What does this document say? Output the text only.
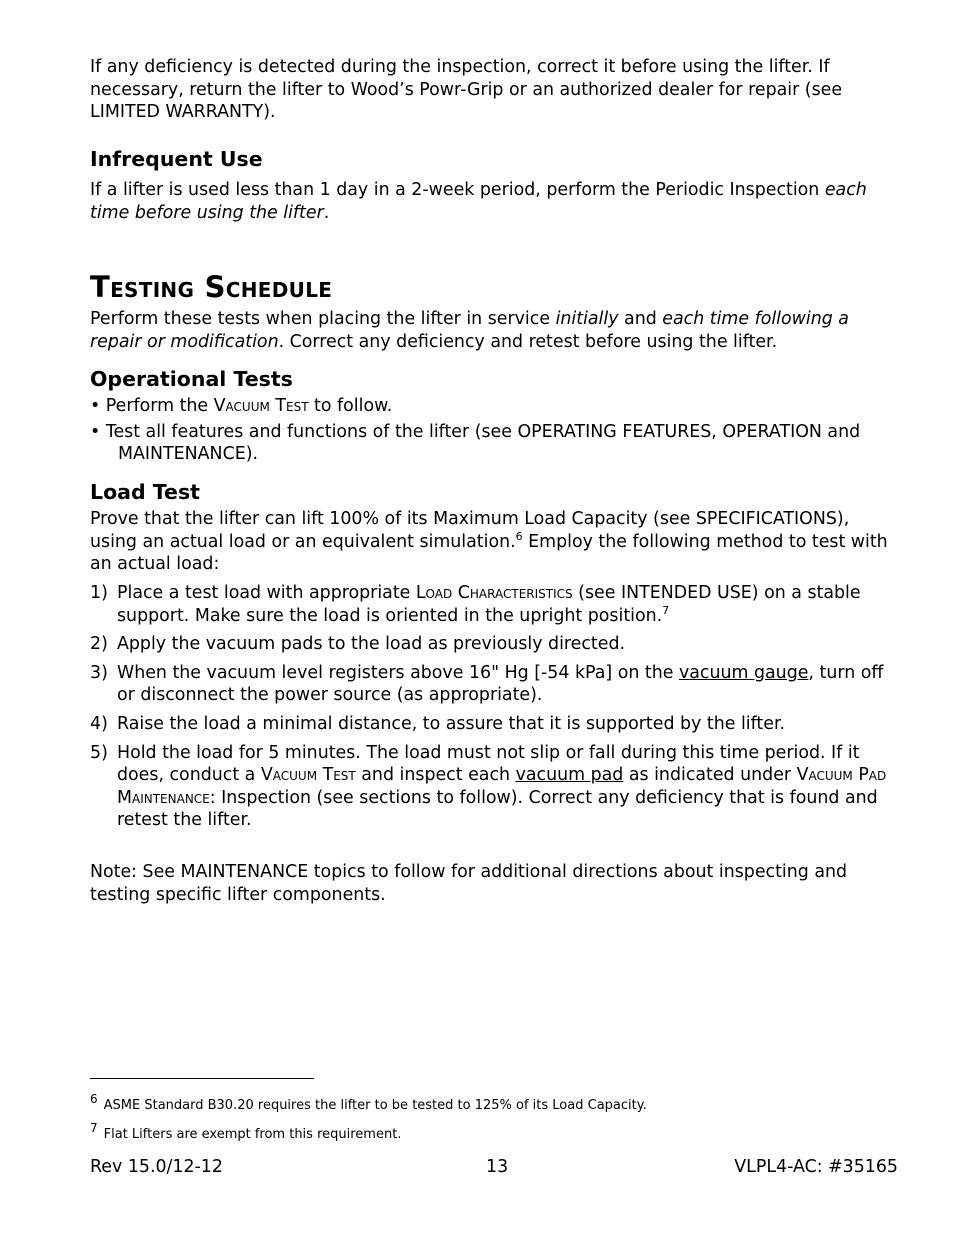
If any deficiency is detected during the inspection, correct it before using the lifter. If necessary, return the lifter to Wood’s Powr-Grip or an authorized dealer for repair (see LIMITED WARRANTY).

Infrequent Use

If a lifter is used less than 1 day in a 2-week period, perform the Periodic Inspection each time before using the lifter.

Testing Schedule

Perform these tests when placing the lifter in service initially and each time following a repair or modification. Correct any deficiency and retest before using the lifter.

Operational Tests

• Perform the Vacuum Test to follow.

• Test all features and functions of the lifter (see OPERATING FEATURES, OPERATION and MAINTENANCE).

Load Test

Prove that the lifter can lift 100% of its Maximum Load Capacity (see SPECIFICATIONS), using an actual load or an equivalent simulation.$^6$ Employ the following method to test with an actual load:

1) Place a test load with appropriate Load Characteristics (see INTENDED USE) on a stable support. Make sure the load is oriented in the upright position.$^7$
2) Apply the vacuum pads to the load as previously directed.
3) When the vacuum level registers above 16" Hg [-54 kPa] on the vacuum gauge, turn off or disconnect the power source (as appropriate).
4) Raise the load a minimal distance, to assure that it is supported by the lifter.
5) Hold the load for 5 minutes. The load must not slip or fall during this time period. If it does, conduct a Vacuum Test and inspect each vacuum pad as indicated under Vacuum Pad Maintenance: Inspection (see sections to follow). Correct any deficiency that is found and retest the lifter.

Note: See MAINTENANCE topics to follow for additional directions about inspecting and testing specific lifter components.

$^6$ ASME Standard B30.20 requires the lifter to be tested to 125% of its Load Capacity.
$^7$ Flat Lifters are exempt from this requirement.
Rev 15.0/12-12	13	VLPL4-AC: #35165
